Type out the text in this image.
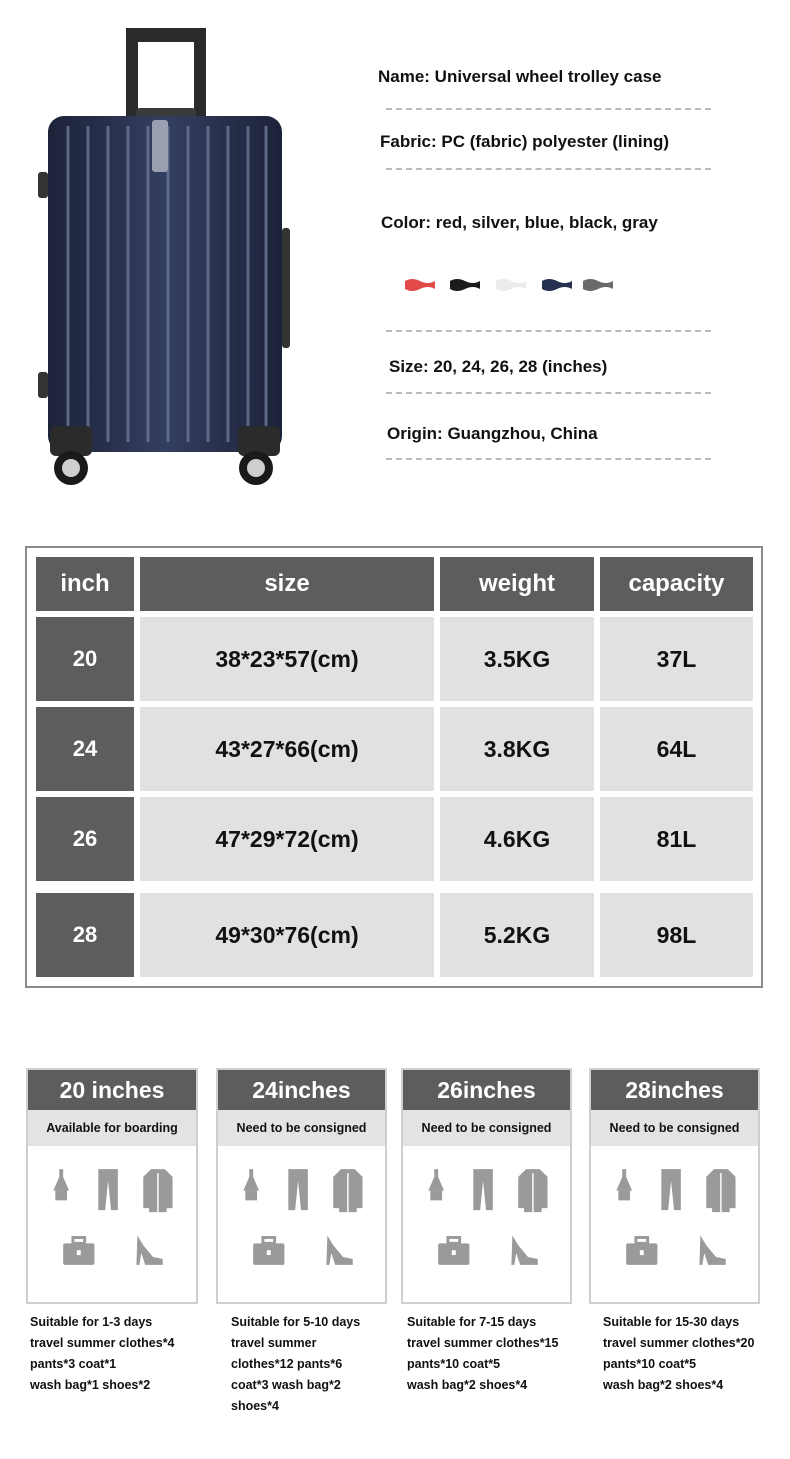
Name: Universal wheel trolley case
Fabric: PC (fabric) polyester (lining)
Color: red, silver, blue, black, gray
Size: 20, 24, 26, 28 (inches)
Origin: Guangzhou, China
inch	size	weight	capacity
20	38*23*57(cm)	3.5KG	37L
24	43*27*66(cm)	3.8KG	64L
26	47*29*72(cm)	4.6KG	81L
28	49*30*76(cm)	5.2KG	98L
20 inches
Available for boarding
24inches
Need to be consigned
26inches
Need to be consigned
28inches
Need to be consigned
Suitable for 1-3 days
travel summer clothes*4
pants*3 coat*1
wash bag*1 shoes*2
Suitable for 5-10 days
travel summer
clothes*12 pants*6
coat*3 wash bag*2
shoes*4
Suitable for 7-15 days
travel summer clothes*15
pants*10 coat*5
wash bag*2 shoes*4
Suitable for 15-30 days
travel summer clothes*20
pants*10 coat*5
wash bag*2 shoes*4
